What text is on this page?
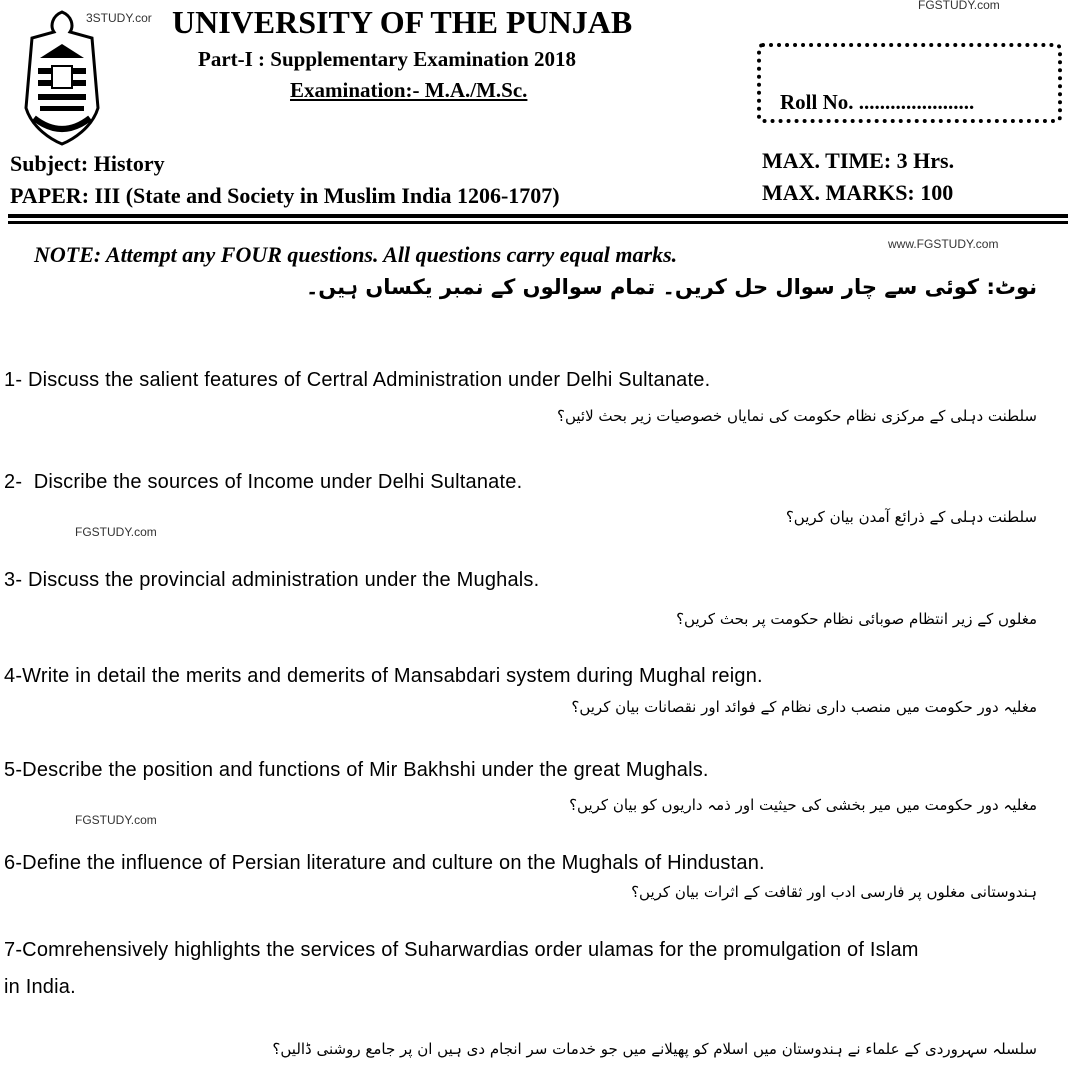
3STUDY.cor
FGSTUDY.com
UNIVERSITY OF THE PUNJAB
Part-I : Supplementary Examination 2018
Examination:- M.A./M.Sc.	Roll No. ......................
Subject: History
PAPER: III (State and Society in Muslim India 1206-1707)
MAX. TIME: 3 Hrs.
MAX. MARKS: 100
NOTE: Attempt any FOUR questions. All questions carry equal marks.	www.FGSTUDY.com
نوٹ: کوئی سے چار سوال حل کریں۔ تمام سوالوں کے نمبر یکساں ہیں۔
1- Discuss the salient features of Certral Administration under Delhi Sultanate.
سلطنت دہلی کے مرکزی نظام حکومت کی نمایاں خصوصیات زیر بحث لائیں؟
2-  Discribe the sources of Income under Delhi Sultanate.
سلطنت دہلی کے ذرائع آمدن بیان کریں؟
FGSTUDY.com
3- Discuss the provincial administration under the Mughals.
مغلوں کے زیر انتظام صوبائی نظام حکومت پر بحث کریں؟
4-Write in detail the merits and demerits of Mansabdari system during Mughal reign.
مغلیہ دور حکومت میں منصب داری نظام کے فوائد اور نقصانات بیان کریں؟
5-Describe the position and functions of Mir Bakhshi under the great Mughals.
مغلیہ دور حکومت میں میر بخشی کی حیثیت اور ذمہ داریوں کو بیان کریں؟
FGSTUDY.com
6-Define the influence of Persian literature and culture on the Mughals of Hindustan.
ہندوستانی مغلوں پر فارسی ادب اور ثقافت کے اثرات بیان کریں؟
7-Comrehensively highlights the services of Suharwardias order ulamas for the promulgation of Islam
in India.
سلسلہ سہروردی کے علماء نے ہندوستان میں اسلام کو پھیلانے میں جو خدمات سر انجام دی ہیں ان پر جامع روشنی ڈالیں؟
